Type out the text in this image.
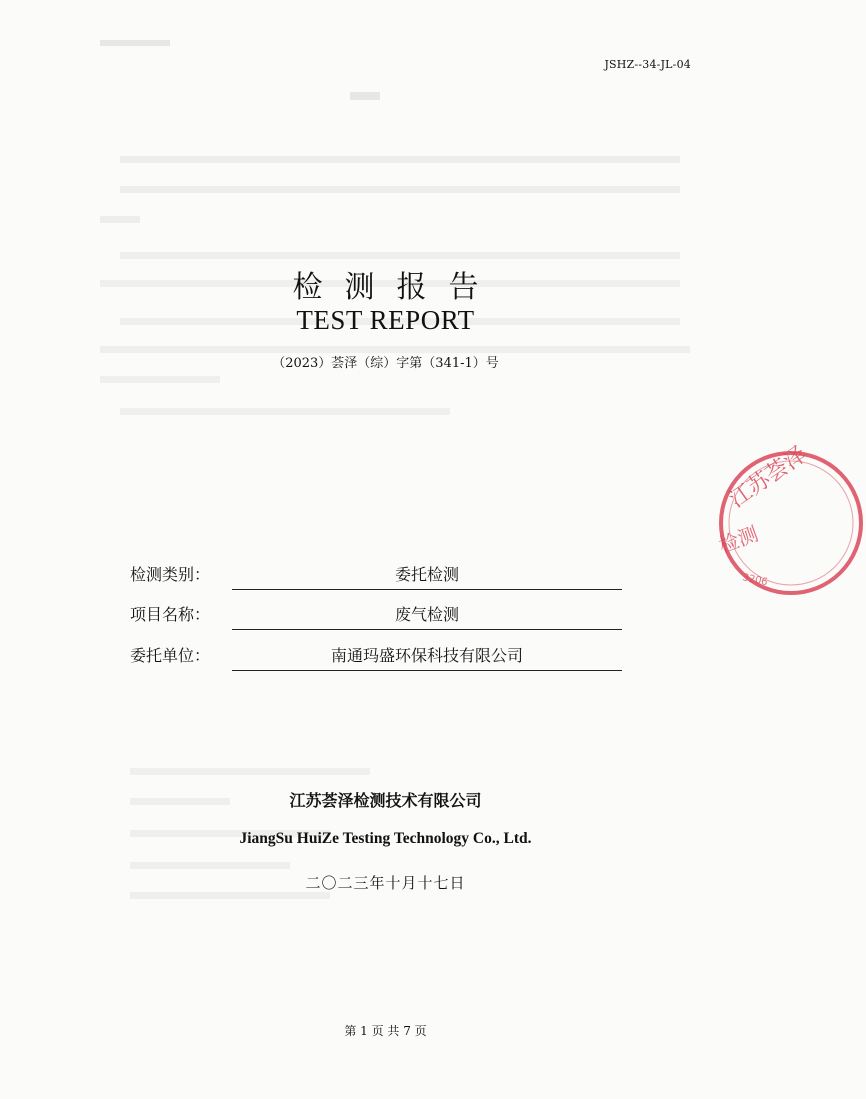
JSHZ--34-JL-04
检测报告
TEST REPORT
（2023）荟泽（综）字第（341-1）号
检测类别：	委托检测
项目名称：	废气检测
委托单位：	南通玛盛环保科技有限公司
江苏荟泽检测技术有限公司
JiangSu HuiZe Testing Technology Co., Ltd.
二〇二三年十月十七日
第 1 页 共 7 页
江苏荟泽
检测
3206
